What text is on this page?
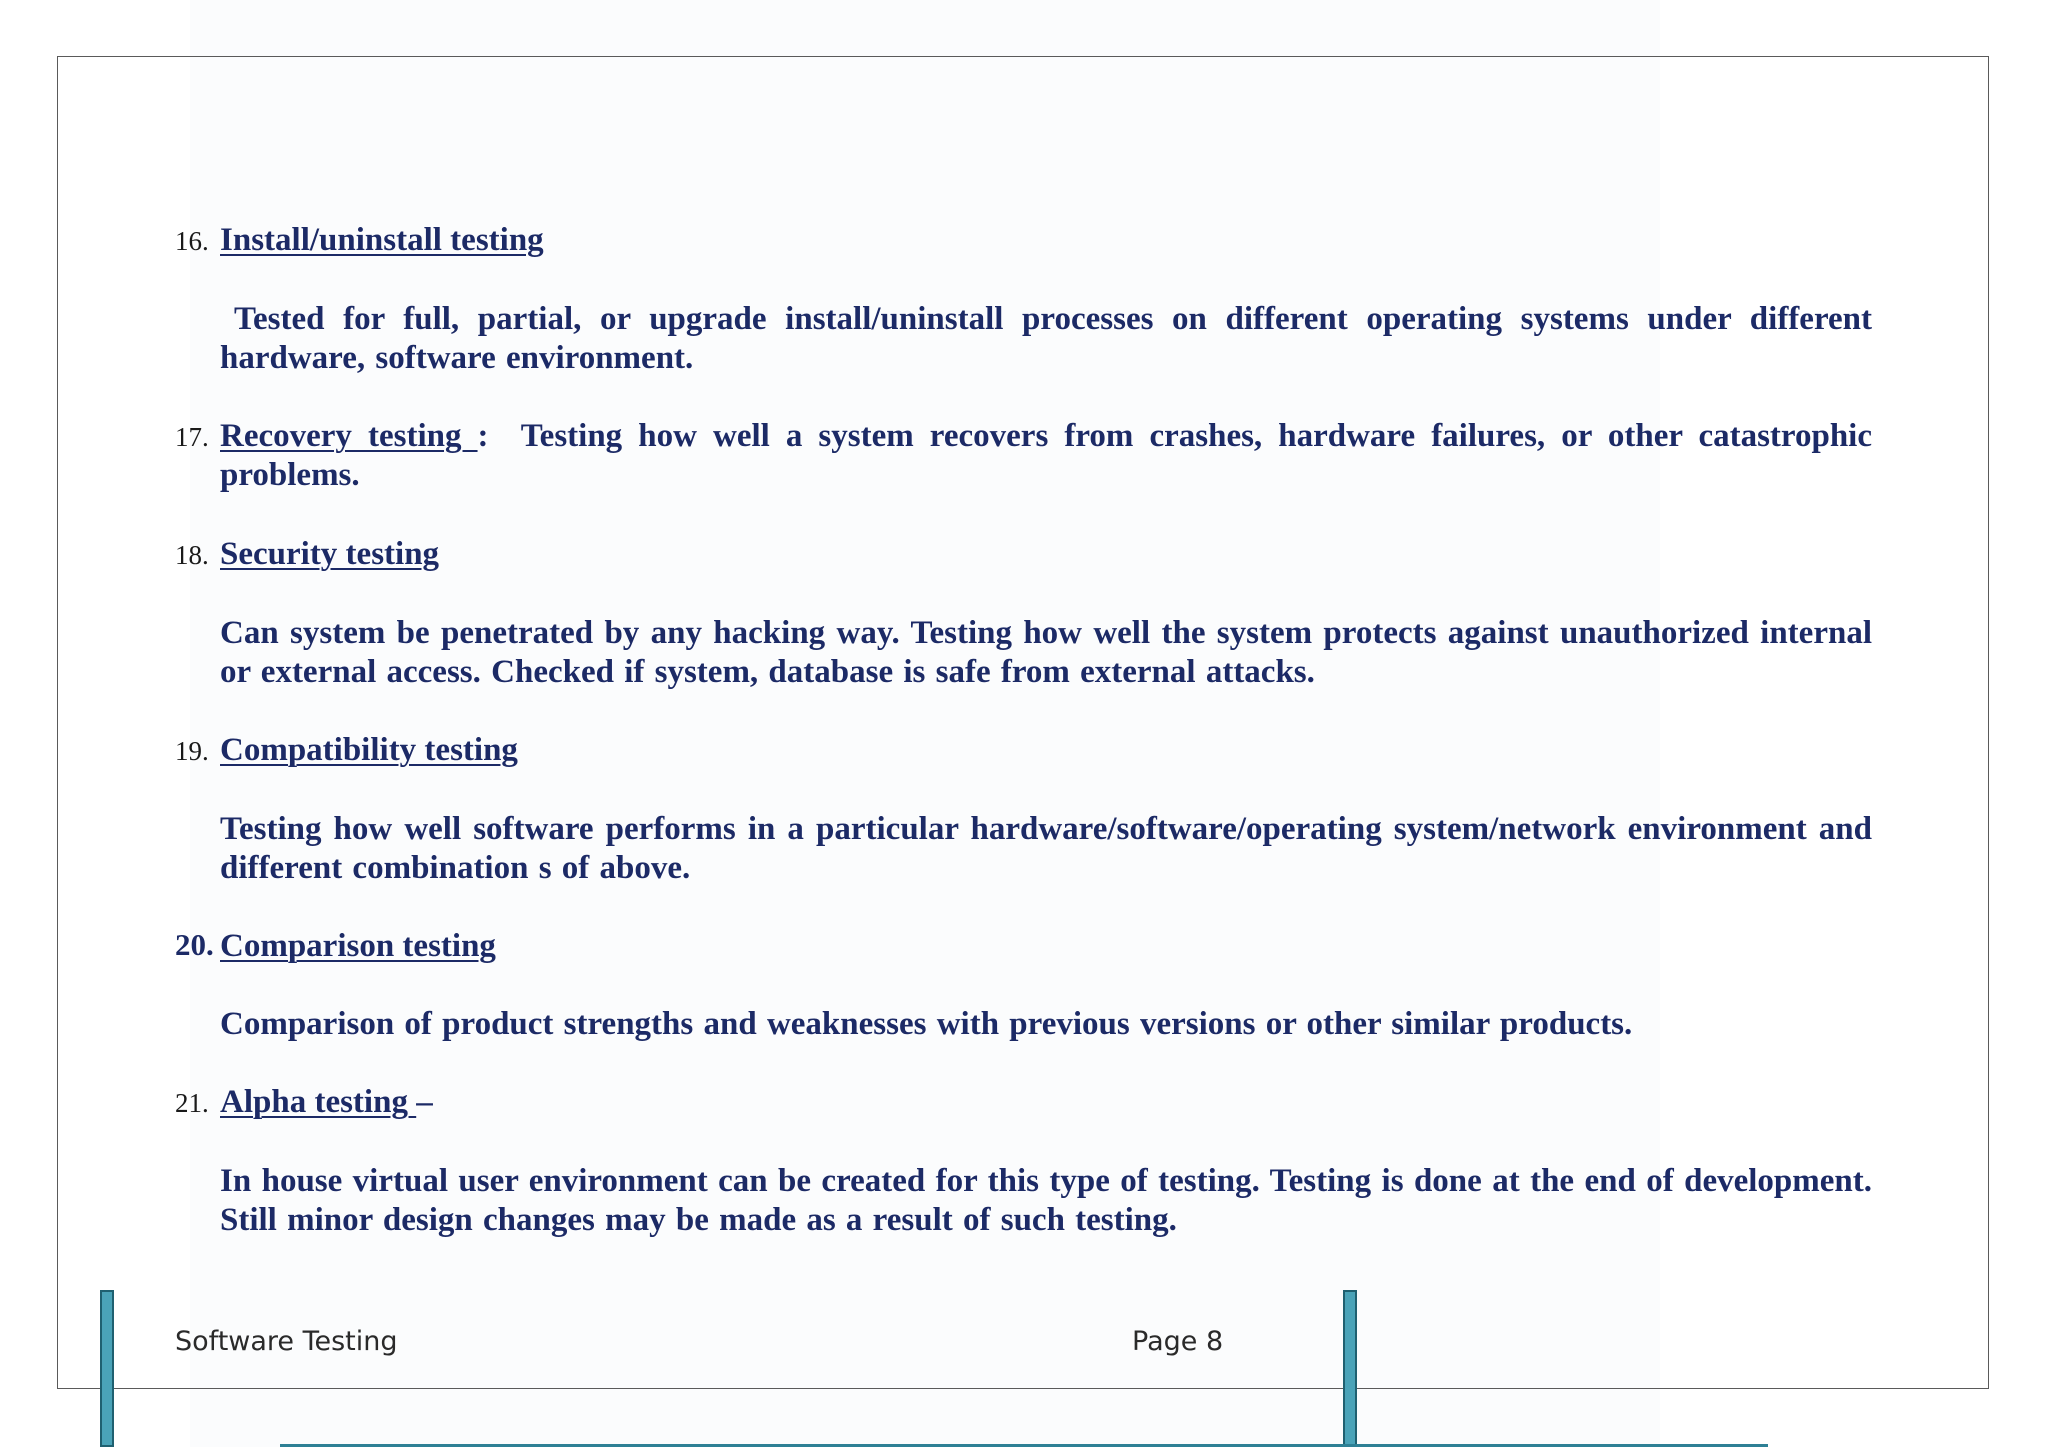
16. Install/uninstall testing
Tested for full, partial, or upgrade install/uninstall processes on different operating systems under different hardware, software environment.
17. Recovery testing : Testing how well a system recovers from crashes, hardware failures, or other catastrophic problems.
18. Security testing
Can system be penetrated by any hacking way. Testing how well the system protects against unauthorized internal or external access. Checked if system, database is safe from external attacks.
19. Compatibility testing
Testing how well software performs in a particular hardware/software/operating system/network environment and different combination s of above.
20. Comparison testing
Comparison of product strengths and weaknesses with previous versions or other similar products.
21. Alpha testing –
In house virtual user environment can be created for this type of testing. Testing is done at the end of development. Still minor design changes may be made as a result of such testing.
Software Testing	Page 8
